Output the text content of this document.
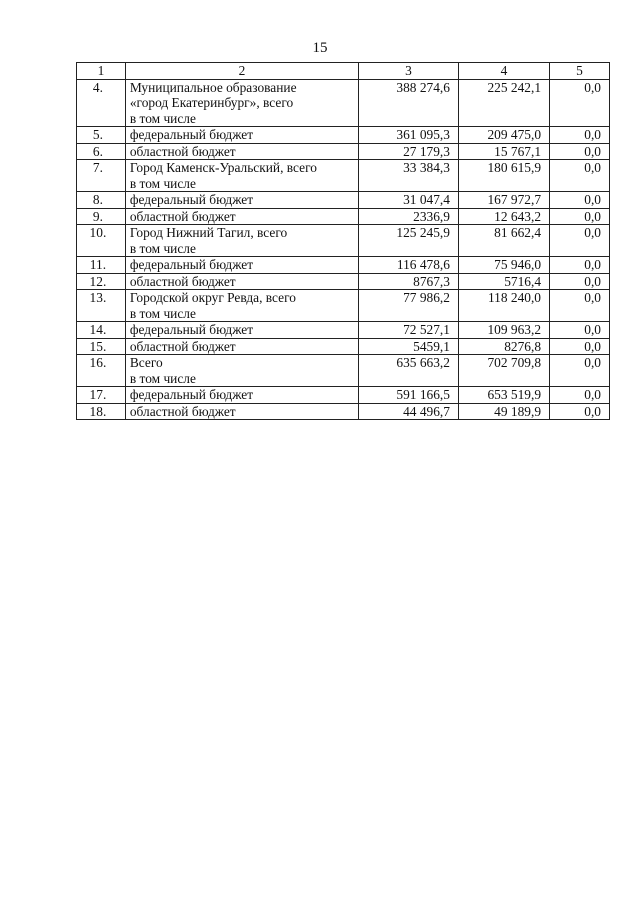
15
1	2	3	4	5
4.	Муниципальное образование
«город Екатеринбург», всего
в том числе	388 274,6	225 242,1	0,0
5.	федеральный бюджет	361 095,3	209 475,0	0,0
6.	областной бюджет	27 179,3	15 767,1	0,0
7.	Город Каменск-Уральский, всего
в том числе	33 384,3	180 615,9	0,0
8.	федеральный бюджет	31 047,4	167 972,7	0,0
9.	областной бюджет	2336,9	12 643,2	0,0
10.	Город Нижний Тагил, всего
в том числе	125 245,9	81 662,4	0,0
11.	федеральный бюджет	116 478,6	75 946,0	0,0
12.	областной бюджет	8767,3	5716,4	0,0
13.	Городской округ Ревда, всего
в том числе	77 986,2	118 240,0	0,0
14.	федеральный бюджет	72 527,1	109 963,2	0,0
15.	областной бюджет	5459,1	8276,8	0,0
16.	Всего
в том числе	635 663,2	702 709,8	0,0
17.	федеральный бюджет	591 166,5	653 519,9	0,0
18.	областной бюджет	44 496,7	49 189,9	0,0
